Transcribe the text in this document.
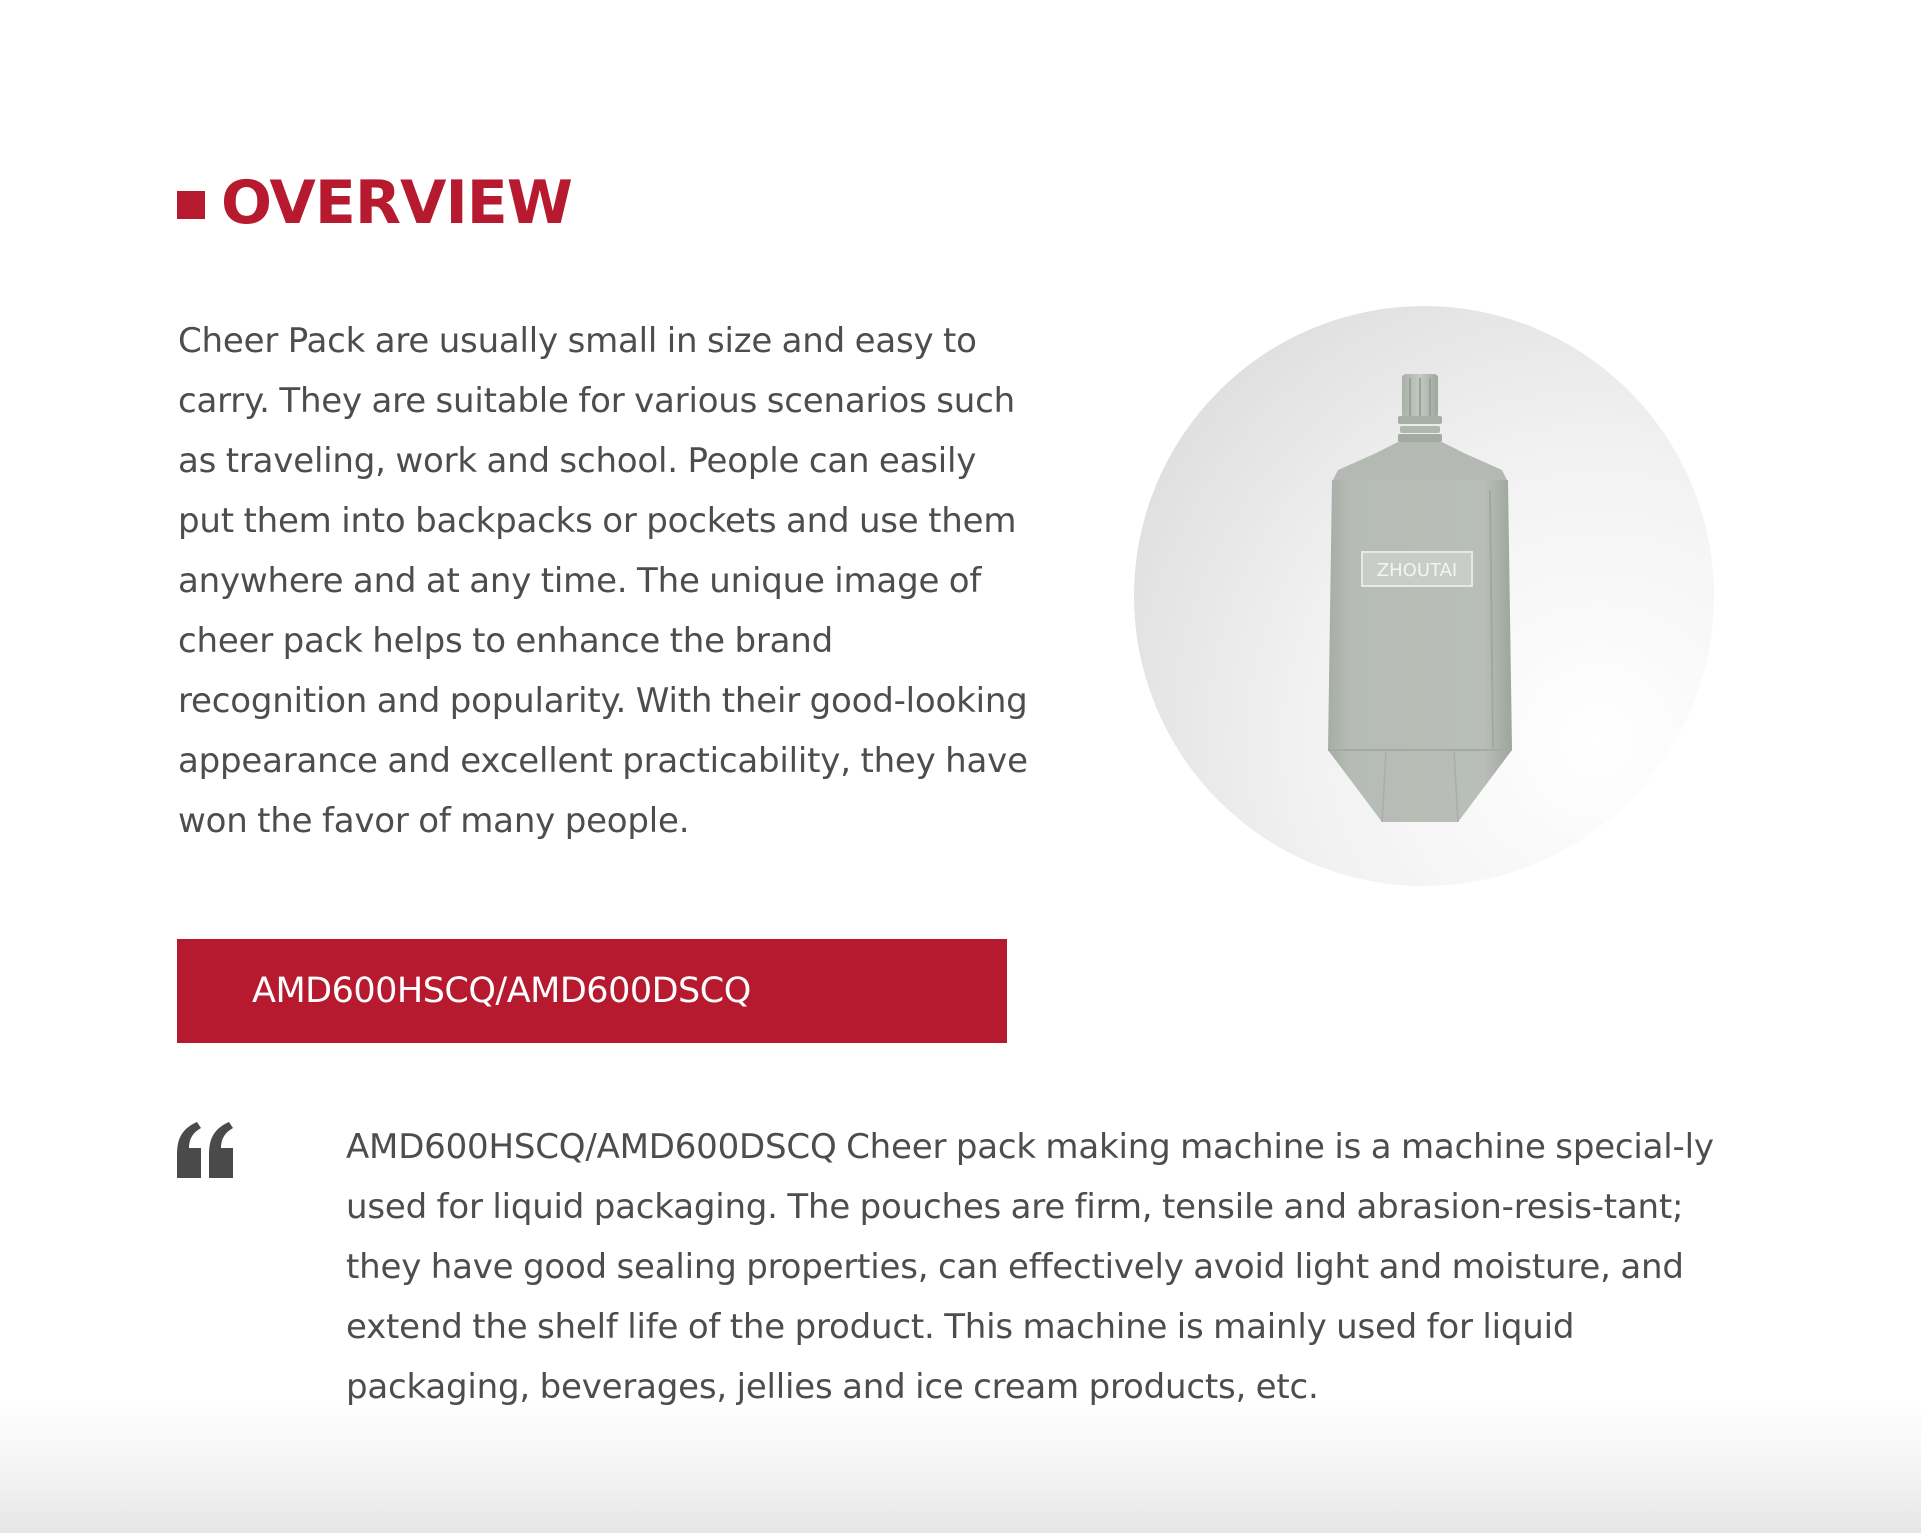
OVERVIEW

Cheer Pack are usually small in size and easy to carry. They are suitable for various scenarios such as traveling, work and school. People can easily put them into backpacks or pockets and use them anywhere and at any time. The unique image of cheer pack helps to enhance the brand recognition and popularity. With their good-looking appearance and excellent practicability, they have won the favor of many people.

AMD600HSCQ/AMD600DSCQ

AMD600HSCQ/AMD600DSCQ Cheer pack making machine is a machine special-ly used for liquid packaging. The pouches are firm, tensile and abrasion-resis-tant; they have good sealing properties, can effectively avoid light and moisture, and extend the shelf life of the product. This machine is mainly used for liquid packaging, beverages, jellies and ice cream products, etc.

ZHOUTAI
